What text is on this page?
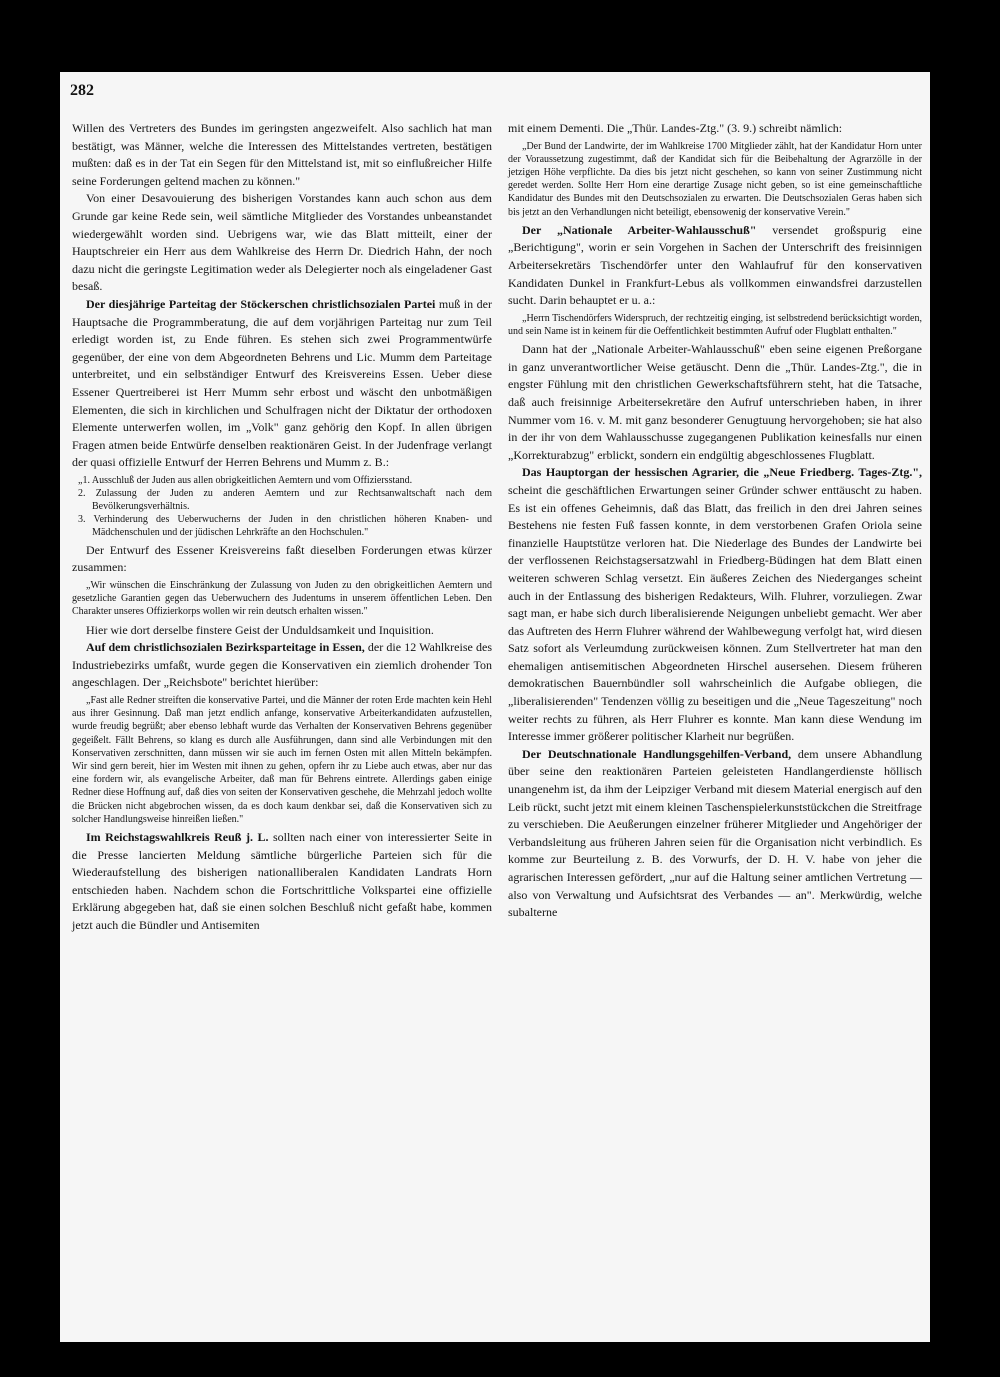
282

Willen des Vertreters des Bundes im geringsten angezweifelt. Also sachlich hat man bestätigt, was Männer, welche die Interessen des Mittelstandes vertreten, bestätigen mußten: daß es in der Tat ein Segen für den Mittelstand ist, mit so einflußreicher Hilfe seine Forderungen geltend machen zu können."

Von einer Desavouierung des bisherigen Vorstandes kann auch schon aus dem Grunde gar keine Rede sein, weil sämtliche Mitglieder des Vorstandes unbeanstandet wiedergewählt worden sind. Uebrigens war, wie das Blatt mitteilt, einer der Hauptschreier ein Herr aus dem Wahlkreise des Herrn Dr. Diedrich Hahn, der noch dazu nicht die geringste Legitimation weder als Delegierter noch als eingeladener Gast besaß.

Der diesjährige Parteitag der Stöckerschen christlichsozialen Partei muß in der Hauptsache die Programmberatung, die auf dem vorjährigen Parteitag nur zum Teil erledigt worden ist, zu Ende führen. Es stehen sich zwei Programmentwürfe gegenüber, der eine von dem Abgeordneten Behrens und Lic. Mumm dem Parteitage unterbreitet, und ein selbständiger Entwurf des Kreisvereins Essen. Ueber diese Essener Quertreiberei ist Herr Mumm sehr erbost und wäscht den unbotmäßigen Elementen, die sich in kirchlichen und Schulfragen nicht der Diktatur der orthodoxen Elemente unterwerfen wollen, im „Volk" ganz gehörig den Kopf. In allen übrigen Fragen atmen beide Entwürfe denselben reaktionären Geist. In der Judenfrage verlangt der quasi offizielle Entwurf der Herren Behrens und Mumm z. B.:

„1. Ausschluß der Juden aus allen obrigkeitlichen Aemtern und vom Offiziersstand.
2. Zulassung der Juden zu anderen Aemtern und zur Rechtsanwaltschaft nach dem Bevölkerungsverhältnis.
3. Verhinderung des Ueberwucherns der Juden in den christlichen höheren Knaben- und Mädchenschulen und der jüdischen Lehrkräfte an den Hochschulen."

Der Entwurf des Essener Kreisvereins faßt dieselben Forderungen etwas kürzer zusammen:

„Wir wünschen die Einschränkung der Zulassung von Juden zu den obrigkeitlichen Aemtern und gesetzliche Garantien gegen das Ueberwuchern des Judentums in unserem öffentlichen Leben. Den Charakter unseres Offizierkorps wollen wir rein deutsch erhalten wissen."

Hier wie dort derselbe finstere Geist der Unduldsamkeit und Inquisition.

Auf dem christlichsozialen Bezirksparteitage in Essen, der die 12 Wahlkreise des Industriebezirks umfaßt, wurde gegen die Konservativen ein ziemlich drohender Ton angeschlagen. Der „Reichsbote" berichtet hierüber:

„Fast alle Redner streiften die konservative Partei, und die Männer der roten Erde machten kein Hehl aus ihrer Gesinnung. Daß man jetzt endlich anfange, konservative Arbeiterkandidaten aufzustellen, wurde freudig begrüßt; aber ebenso lebhaft wurde das Verhalten der Konservativen Behrens gegenüber gegeißelt. Fällt Behrens, so klang es durch alle Ausführungen, dann sind alle Verbindungen mit den Konservativen zerschnitten, dann müssen wir sie auch im fernen Osten mit allen Mitteln bekämpfen. Wir sind gern bereit, hier im Westen mit ihnen zu gehen, opfern ihr zu Liebe auch etwas, aber nur das eine fordern wir, als evangelische Arbeiter, daß man für Behrens eintrete. Allerdings gaben einige Redner diese Hoffnung auf, daß dies von seiten der Konservativen geschehe, die Mehrzahl jedoch wollte die Brücken nicht abgebrochen wissen, da es doch kaum denkbar sei, daß die Konservativen sich zu solcher Handlungsweise hinreißen ließen."

Im Reichstagswahlkreis Reuß j. L. sollten nach einer von interessierter Seite in die Presse lancierten Meldung sämtliche bürgerliche Parteien sich für die Wiederaufstellung des bisherigen nationalliberalen Kandidaten Landrats Horn entschieden haben. Nachdem schon die Fortschrittliche Volkspartei eine offizielle Erklärung abgegeben hat, daß sie einen solchen Beschluß nicht gefaßt habe, kommen jetzt auch die Bündler und Antisemiten

mit einem Dementi. Die „Thür. Landes-Ztg." (3. 9.) schreibt nämlich:

„Der Bund der Landwirte, der im Wahlkreise 1700 Mitglieder zählt, hat der Kandidatur Horn unter der Voraussetzung zugestimmt, daß der Kandidat sich für die Beibehaltung der Agrarzölle in der jetzigen Höhe verpflichte. Da dies bis jetzt nicht geschehen, so kann von seiner Zustimmung nicht geredet werden. Sollte Herr Horn eine derartige Zusage nicht geben, so ist eine gemeinschaftliche Kandidatur des Bundes mit den Deutschsozialen zu erwarten. Die Deutschsozialen Geras haben sich bis jetzt an den Verhandlungen nicht beteiligt, ebensowenig der konservative Verein."

Der „Nationale Arbeiter-Wahlausschuß" versendet großspurig eine „Berichtigung", worin er sein Vorgehen in Sachen der Unterschrift des freisinnigen Arbeitersekretärs Tischendörfer unter den Wahlaufruf für den konservativen Kandidaten Dunkel in Frankfurt-Lebus als vollkommen einwandsfrei darzustellen sucht. Darin behauptet er u. a.:

„Herrn Tischendörfers Widerspruch, der rechtzeitig einging, ist selbstredend berücksichtigt worden, und sein Name ist in keinem für die Oeffentlichkeit bestimmten Aufruf oder Flugblatt enthalten."

Dann hat der „Nationale Arbeiter-Wahlausschuß" eben seine eigenen Preßorgane in ganz unverantwortlicher Weise getäuscht. Denn die „Thür. Landes-Ztg.", die in engster Fühlung mit den christlichen Gewerkschaftsführern steht, hat die Tatsache, daß auch freisinnige Arbeitersekretäre den Aufruf unterschrieben haben, in ihrer Nummer vom 16. v. M. mit ganz besonderer Genugtuung hervorgehoben; sie hat also in der ihr von dem Wahlausschusse zugegangenen Publikation keinesfalls nur einen „Korrekturabzug" erblickt, sondern ein endgültig abgeschlossenes Flugblatt.

Das Hauptorgan der hessischen Agrarier, die „Neue Friedberg. Tages-Ztg.", scheint die geschäftlichen Erwartungen seiner Gründer schwer enttäuscht zu haben. Es ist ein offenes Geheimnis, daß das Blatt, das freilich in den drei Jahren seines Bestehens nie festen Fuß fassen konnte, in dem verstorbenen Grafen Oriola seine finanzielle Hauptstütze verloren hat. Die Niederlage des Bundes der Landwirte bei der verflossenen Reichstagsersatzwahl in Friedberg-Büdingen hat dem Blatt einen weiteren schweren Schlag versetzt. Ein äußeres Zeichen des Niederganges scheint auch in der Entlassung des bisherigen Redakteurs, Wilh. Fluhrer, vorzuliegen. Zwar sagt man, er habe sich durch liberalisierende Neigungen unbeliebt gemacht. Wer aber das Auftreten des Herrn Fluhrer während der Wahlbewegung verfolgt hat, wird diesen Satz sofort als Verleumdung zurückweisen können. Zum Stellvertreter hat man den ehemaligen antisemitischen Abgeordneten Hirschel ausersehen. Diesem früheren demokratischen Bauernbündler soll wahrscheinlich die Aufgabe obliegen, die „liberalisierenden" Tendenzen völlig zu beseitigen und die „Neue Tageszeitung" noch weiter rechts zu führen, als Herr Fluhrer es konnte. Man kann diese Wendung im Interesse immer größerer politischer Klarheit nur begrüßen.

Der Deutschnationale Handlungsgehilfen-Verband, dem unsere Abhandlung über seine den reaktionären Parteien geleisteten Handlangerdienste höllisch unangenehm ist, da ihm der Leipziger Verband mit diesem Material energisch auf den Leib rückt, sucht jetzt mit einem kleinen Taschenspielerkunststückchen die Streitfrage zu verschieben. Die Aeußerungen einzelner früherer Mitglieder und Angehöriger der Verbandsleitung aus früheren Jahren seien für die Organisation nicht verbindlich. Es komme zur Beurteilung z. B. des Vorwurfs, der D. H. V. habe von jeher die agrarischen Interessen gefördert, „nur auf die Haltung seiner amtlichen Vertretung — also von Verwaltung und Aufsichtsrat des Verbandes — an". Merkwürdig, welche subalterne
